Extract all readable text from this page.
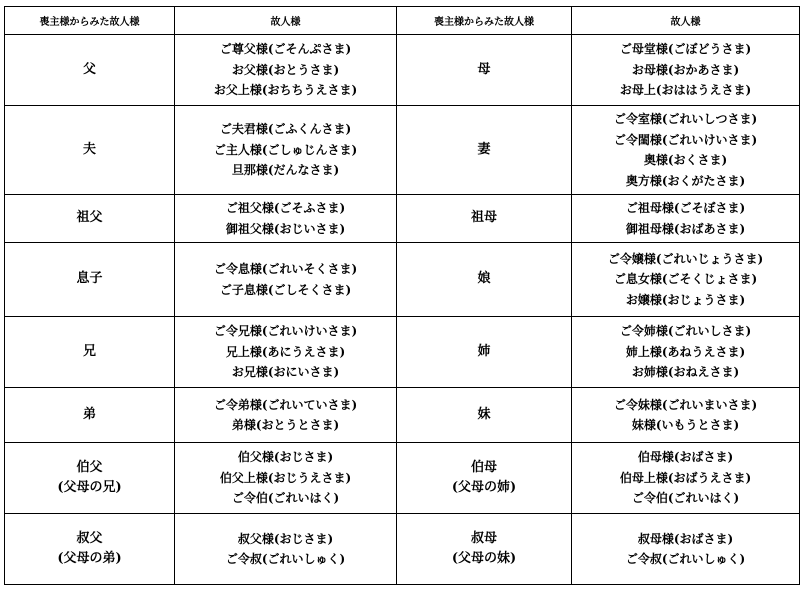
喪主様からみた故人様	故人様	喪主様からみた故人様	故人様

父	ご尊父様(ごそんぷさま)
お父様(おとうさま)
お父上様(おちちうえさま)	母	ご母堂様(ごぼどうさま)
お母様(おかあさま)
お母上(おははうえさま)

夫	ご夫君様(ごふくんさま)
ご主人様(ごしゅじんさま)
旦那様(だんなさま)	妻	ご令室様(ごれいしつさま)
ご令閨様(ごれいけいさま)
奥様(おくさま)
奥方様(おくがたさま)

祖父	ご祖父様(ごそふさま)
御祖父様(おじいさま)	祖母	ご祖母様(ごそぼさま)
御祖母様(おばあさま)

息子	ご令息様(ごれいそくさま)
ご子息様(ごしそくさま)	娘	ご令嬢様(ごれいじょうさま)
ご息女様(ごそくじょさま)
お嬢様(おじょうさま)

兄	ご令兄様(ごれいけいさま)
兄上様(あにうえさま)
お兄様(おにいさま)	姉	ご令姉様(ごれいしさま)
姉上様(あねうえさま)
お姉様(おねえさま)

弟	ご令弟様(ごれいていさま)
弟様(おとうとさま)	妹	ご令妹様(ごれいまいさま)
妹様(いもうとさま)

伯父
(父母の兄)	伯父様(おじさま)
伯父上様(おじうえさま)
ご令伯(ごれいはく)	伯母
(父母の姉)	伯母様(おばさま)
伯母上様(おばうえさま)
ご令伯(ごれいはく)

叔父
(父母の弟)	叔父様(おじさま)
ご令叔(ごれいしゅく)	叔母
(父母の妹)	叔母様(おばさま)
ご令叔(ごれいしゅく)
